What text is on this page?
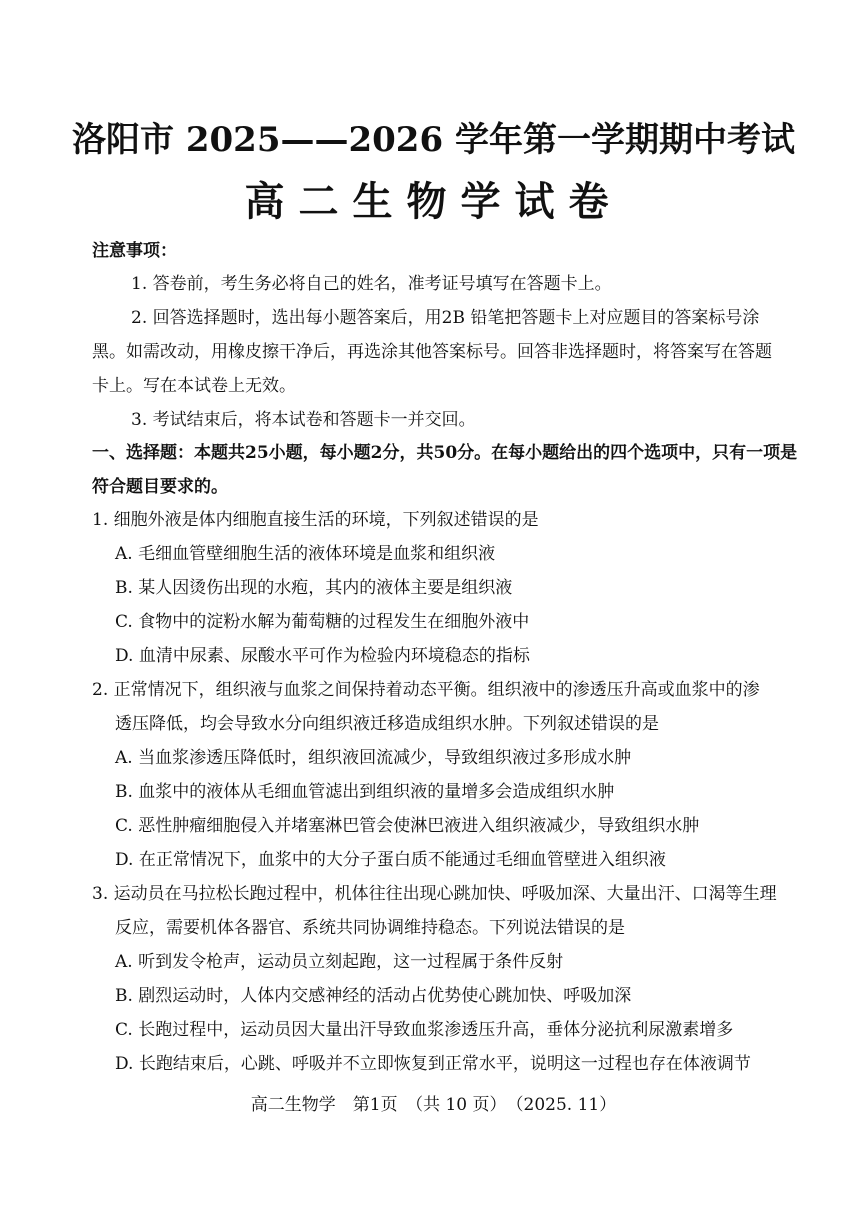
洛阳市 2025——2026 学年第一学期期中考试
高二生物学试卷
注意事项：
1. 答卷前，考生务必将自己的姓名，准考证号填写在答题卡上。
2. 回答选择题时，选出每小题答案后，用2B 铅笔把答题卡上对应题目的答案标号涂
黑。如需改动，用橡皮擦干净后，再选涂其他答案标号。回答非选择题时，将答案写在答题
卡上。写在本试卷上无效。
3. 考试结束后，将本试卷和答题卡一并交回。
一、选择题：本题共25小题，每小题2分，共50分。在每小题给出的四个选项中，只有一项是
符合题目要求的。
1. 细胞外液是体内细胞直接生活的环境，下列叙述错误的是
A. 毛细血管壁细胞生活的液体环境是血浆和组织液
B. 某人因烫伤出现的水疱，其内的液体主要是组织液
C. 食物中的淀粉水解为葡萄糖的过程发生在细胞外液中
D. 血清中尿素、尿酸水平可作为检验内环境稳态的指标
2. 正常情况下，组织液与血浆之间保持着动态平衡。组织液中的渗透压升高或血浆中的渗
透压降低，均会导致水分向组织液迁移造成组织水肿。下列叙述错误的是
A. 当血浆渗透压降低时，组织液回流减少，导致组织液过多形成水肿
B. 血浆中的液体从毛细血管滤出到组织液的量增多会造成组织水肿
C. 恶性肿瘤细胞侵入并堵塞淋巴管会使淋巴液进入组织液减少，导致组织水肿
D. 在正常情况下，血浆中的大分子蛋白质不能通过毛细血管壁进入组织液
3. 运动员在马拉松长跑过程中，机体往往出现心跳加快、呼吸加深、大量出汗、口渴等生理
反应，需要机体各器官、系统共同协调维持稳态。下列说法错误的是
A. 听到发令枪声，运动员立刻起跑，这一过程属于条件反射
B. 剧烈运动时，人体内交感神经的活动占优势使心跳加快、呼吸加深
C. 长跑过程中，运动员因大量出汗导致血浆渗透压升高，垂体分泌抗利尿激素增多
D. 长跑结束后，心跳、呼吸并不立即恢复到正常水平，说明这一过程也存在体液调节
高二生物学　第1页　（共 10 页）　（2025. 11）
